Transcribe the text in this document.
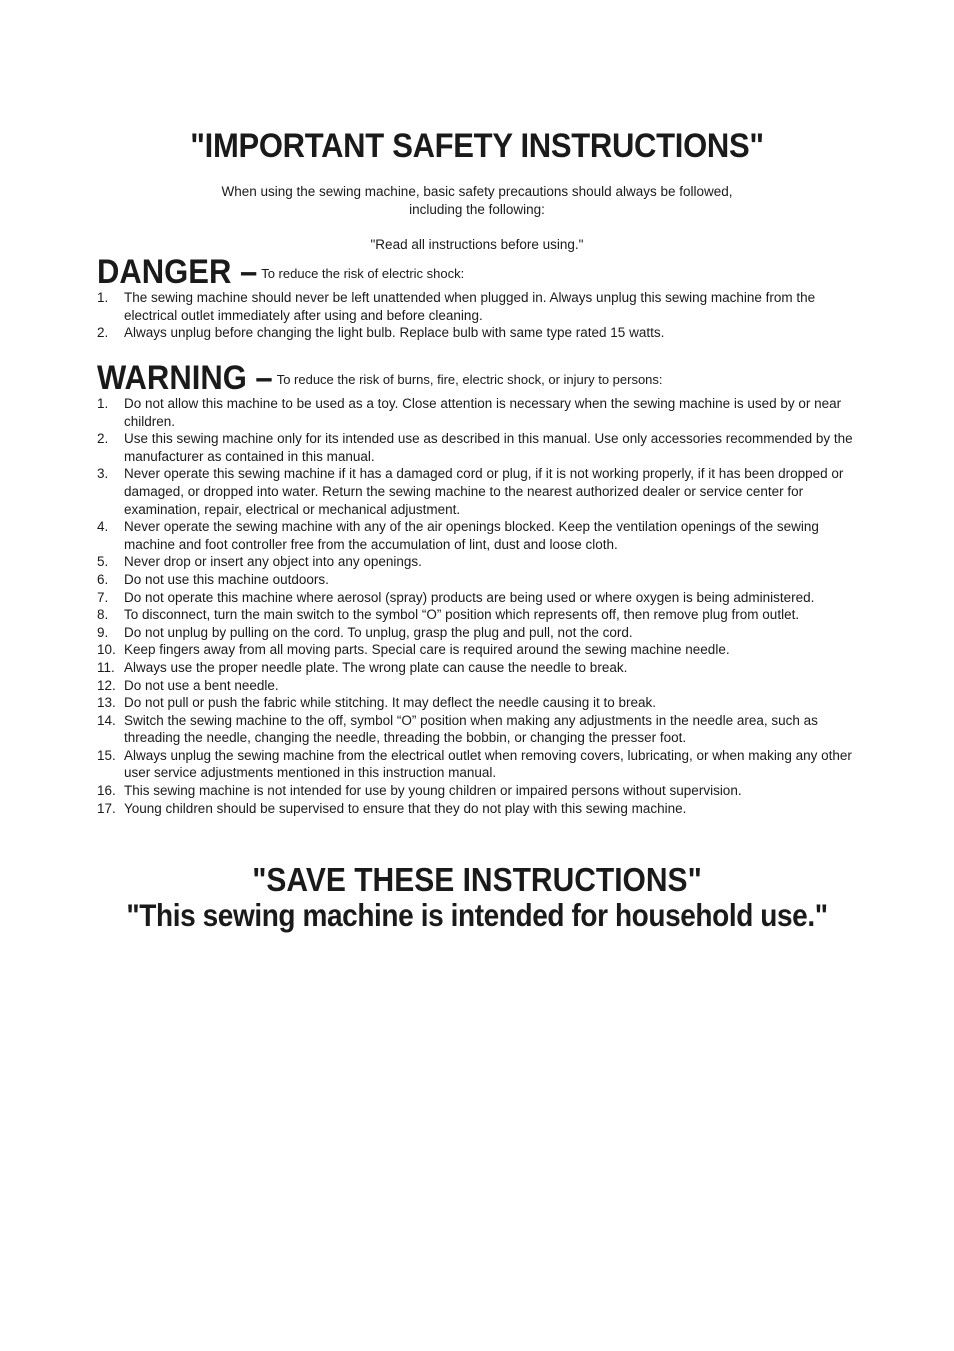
"IMPORTANT SAFETY INSTRUCTIONS"
When using the sewing machine, basic safety precautions should always be followed,
including the following:
"Read all instructions before using."
DANGER – $^{To reduce the risk of electric shock:}$
1. The sewing machine should never be left unattended when plugged in. Always unplug this sewing machine from the electrical outlet immediately after using and before cleaning.
2. Always unplug before changing the light bulb. Replace bulb with same type rated 15 watts.
WARNING – $^{To reduce the risk of burns, fire, electric shock, or injury to persons:}$
1. Do not allow this machine to be used as a toy. Close attention is necessary when the sewing machine is used by or near children.
2. Use this sewing machine only for its intended use as described in this manual. Use only accessories recommended by the manufacturer as contained in this manual.
3. Never operate this sewing machine if it has a damaged cord or plug, if it is not working properly, if it has been dropped or damaged, or dropped into water. Return the sewing machine to the nearest authorized dealer or service center for examination, repair, electrical or mechanical adjustment.
4. Never operate the sewing machine with any of the air openings blocked. Keep the ventilation openings of the sewing machine and foot controller free from the accumulation of lint, dust and loose cloth.
5. Never drop or insert any object into any openings.
6. Do not use this machine outdoors.
7. Do not operate this machine where aerosol (spray) products are being used or where oxygen is being administered.
8. To disconnect, turn the main switch to the symbol “O” position which represents off, then remove plug from outlet.
9. Do not unplug by pulling on the cord. To unplug, grasp the plug and pull, not the cord.
10. Keep fingers away from all moving parts. Special care is required around the sewing machine needle.
11. Always use the proper needle plate. The wrong plate can cause the needle to break.
12. Do not use a bent needle.
13. Do not pull or push the fabric while stitching. It may deflect the needle causing it to break.
14. Switch the sewing machine to the off, symbol “O” position when making any adjustments in the needle area, such as threading the needle, changing the needle, threading the bobbin, or changing the presser foot.
15. Always unplug the sewing machine from the electrical outlet when removing covers, lubricating, or when making any other user service adjustments mentioned in this instruction manual.
16. This sewing machine is not intended for use by young children or impaired persons without supervision.
17. Young children should be supervised to ensure that they do not play with this sewing machine.
"SAVE THESE INSTRUCTIONS"
"This sewing machine is intended for household use."
